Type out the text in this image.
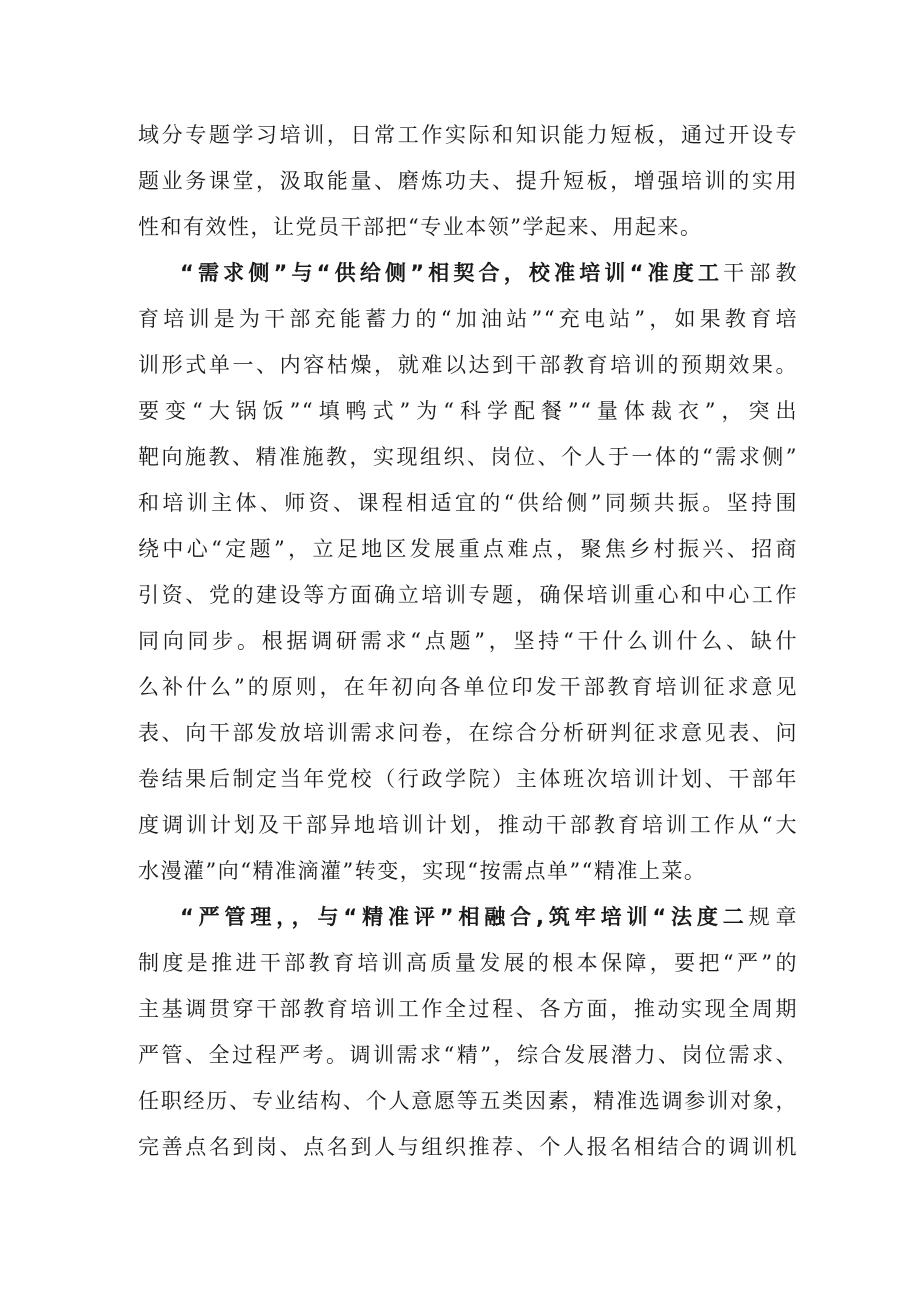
域分专题学习培训，日常工作实际和知识能力短板，通过开设专
题业务课堂，汲取能量、磨炼功夫、提升短板，增强培训的实用
性和有效性，让党员干部把“专业本领”学起来、用起来。
“需求侧”与“供给侧”相契合，校准培训“准度工干部教
育培训是为干部充能蓄力的“加油站”“充电站”，如果教育培
训形式单一、内容枯燥，就难以达到干部教育培训的预期效果。
要变“大锅饭”“填鸭式”为“科学配餐”“量体裁衣”，突出
靶向施教、精准施教，实现组织、岗位、个人于一体的“需求侧”
和培训主体、师资、课程相适宜的“供给侧”同频共振。坚持围
绕中心“定题”，立足地区发展重点难点，聚焦乡村振兴、招商
引资、党的建设等方面确立培训专题，确保培训重心和中心工作
同向同步。根据调研需求“点题”，坚持“干什么训什么、缺什
么补什么”的原则，在年初向各单位印发干部教育培训征求意见
表、向干部发放培训需求问卷，在综合分析研判征求意见表、问
卷结果后制定当年党校（行政学院）主体班次培训计划、干部年
度调训计划及干部异地培训计划，推动干部教育培训工作从“大
水漫灌”向“精准滴灌”转变，实现“按需点单”“精准上菜。
“严管理，，与“精准评”相融合,筑牢培训“法度二规章
制度是推进干部教育培训高质量发展的根本保障，要把“严”的
主基调贯穿干部教育培训工作全过程、各方面，推动实现全周期
严管、全过程严考。调训需求“精”，综合发展潜力、岗位需求、
任职经历、专业结构、个人意愿等五类因素，精准选调参训对象，
完善点名到岗、点名到人与组织推荐、个人报名相结合的调训机
